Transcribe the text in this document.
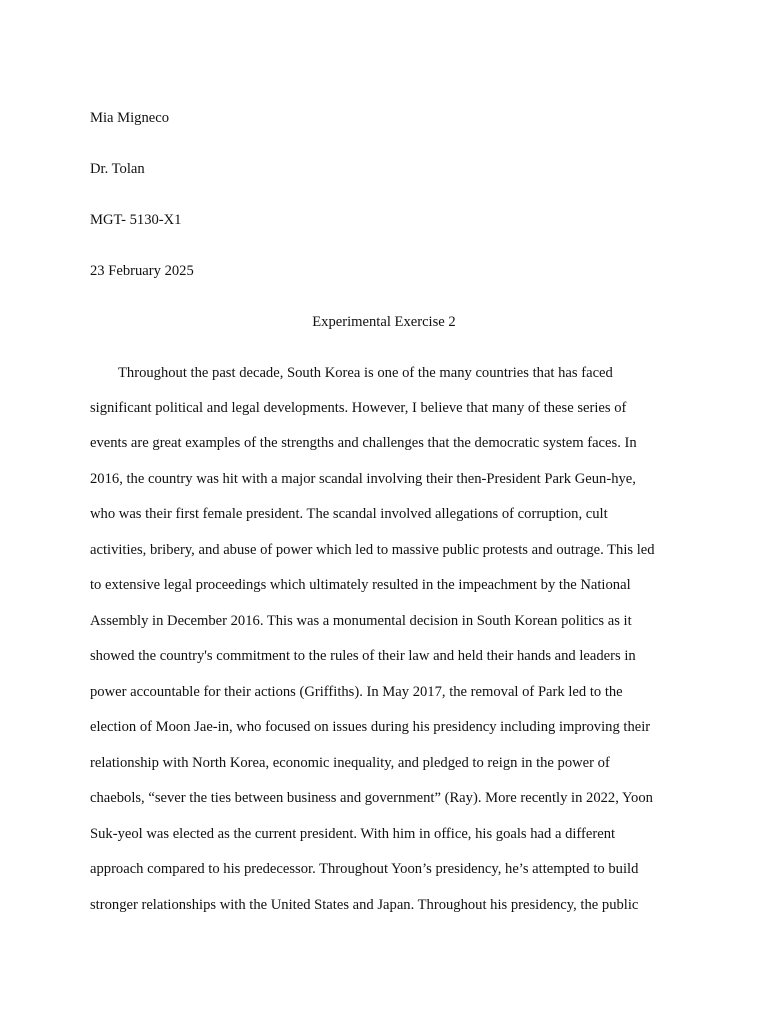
Mia Migneco
Dr. Tolan
MGT- 5130-X1
23 February 2025
Experimental Exercise 2
Throughout the past decade, South Korea is one of the many countries that has faced
significant political and legal developments. However, I believe that many of these series of
events are great examples of the strengths and challenges that the democratic system faces. In
2016, the country was hit with a major scandal involving their then-President Park Geun-hye,
who was their first female president. The scandal involved allegations of corruption, cult
activities, bribery, and abuse of power which led to massive public protests and outrage. This led
to extensive legal proceedings which ultimately resulted in the impeachment by the National
Assembly in December 2016. This was a monumental decision in South Korean politics as it
showed the country's commitment to the rules of their law and held their hands and leaders in
power accountable for their actions (Griffiths). In May 2017, the removal of Park led to the
election of Moon Jae-in, who focused on issues during his presidency including improving their
relationship with North Korea, economic inequality, and pledged to reign in the power of
chaebols, “sever the ties between business and government” (Ray). More recently in 2022, Yoon
Suk-yeol was elected as the current president. With him in office, his goals had a different
approach compared to his predecessor. Throughout Yoon’s presidency, he’s attempted to build
stronger relationships with the United States and Japan. Throughout his presidency, the public
